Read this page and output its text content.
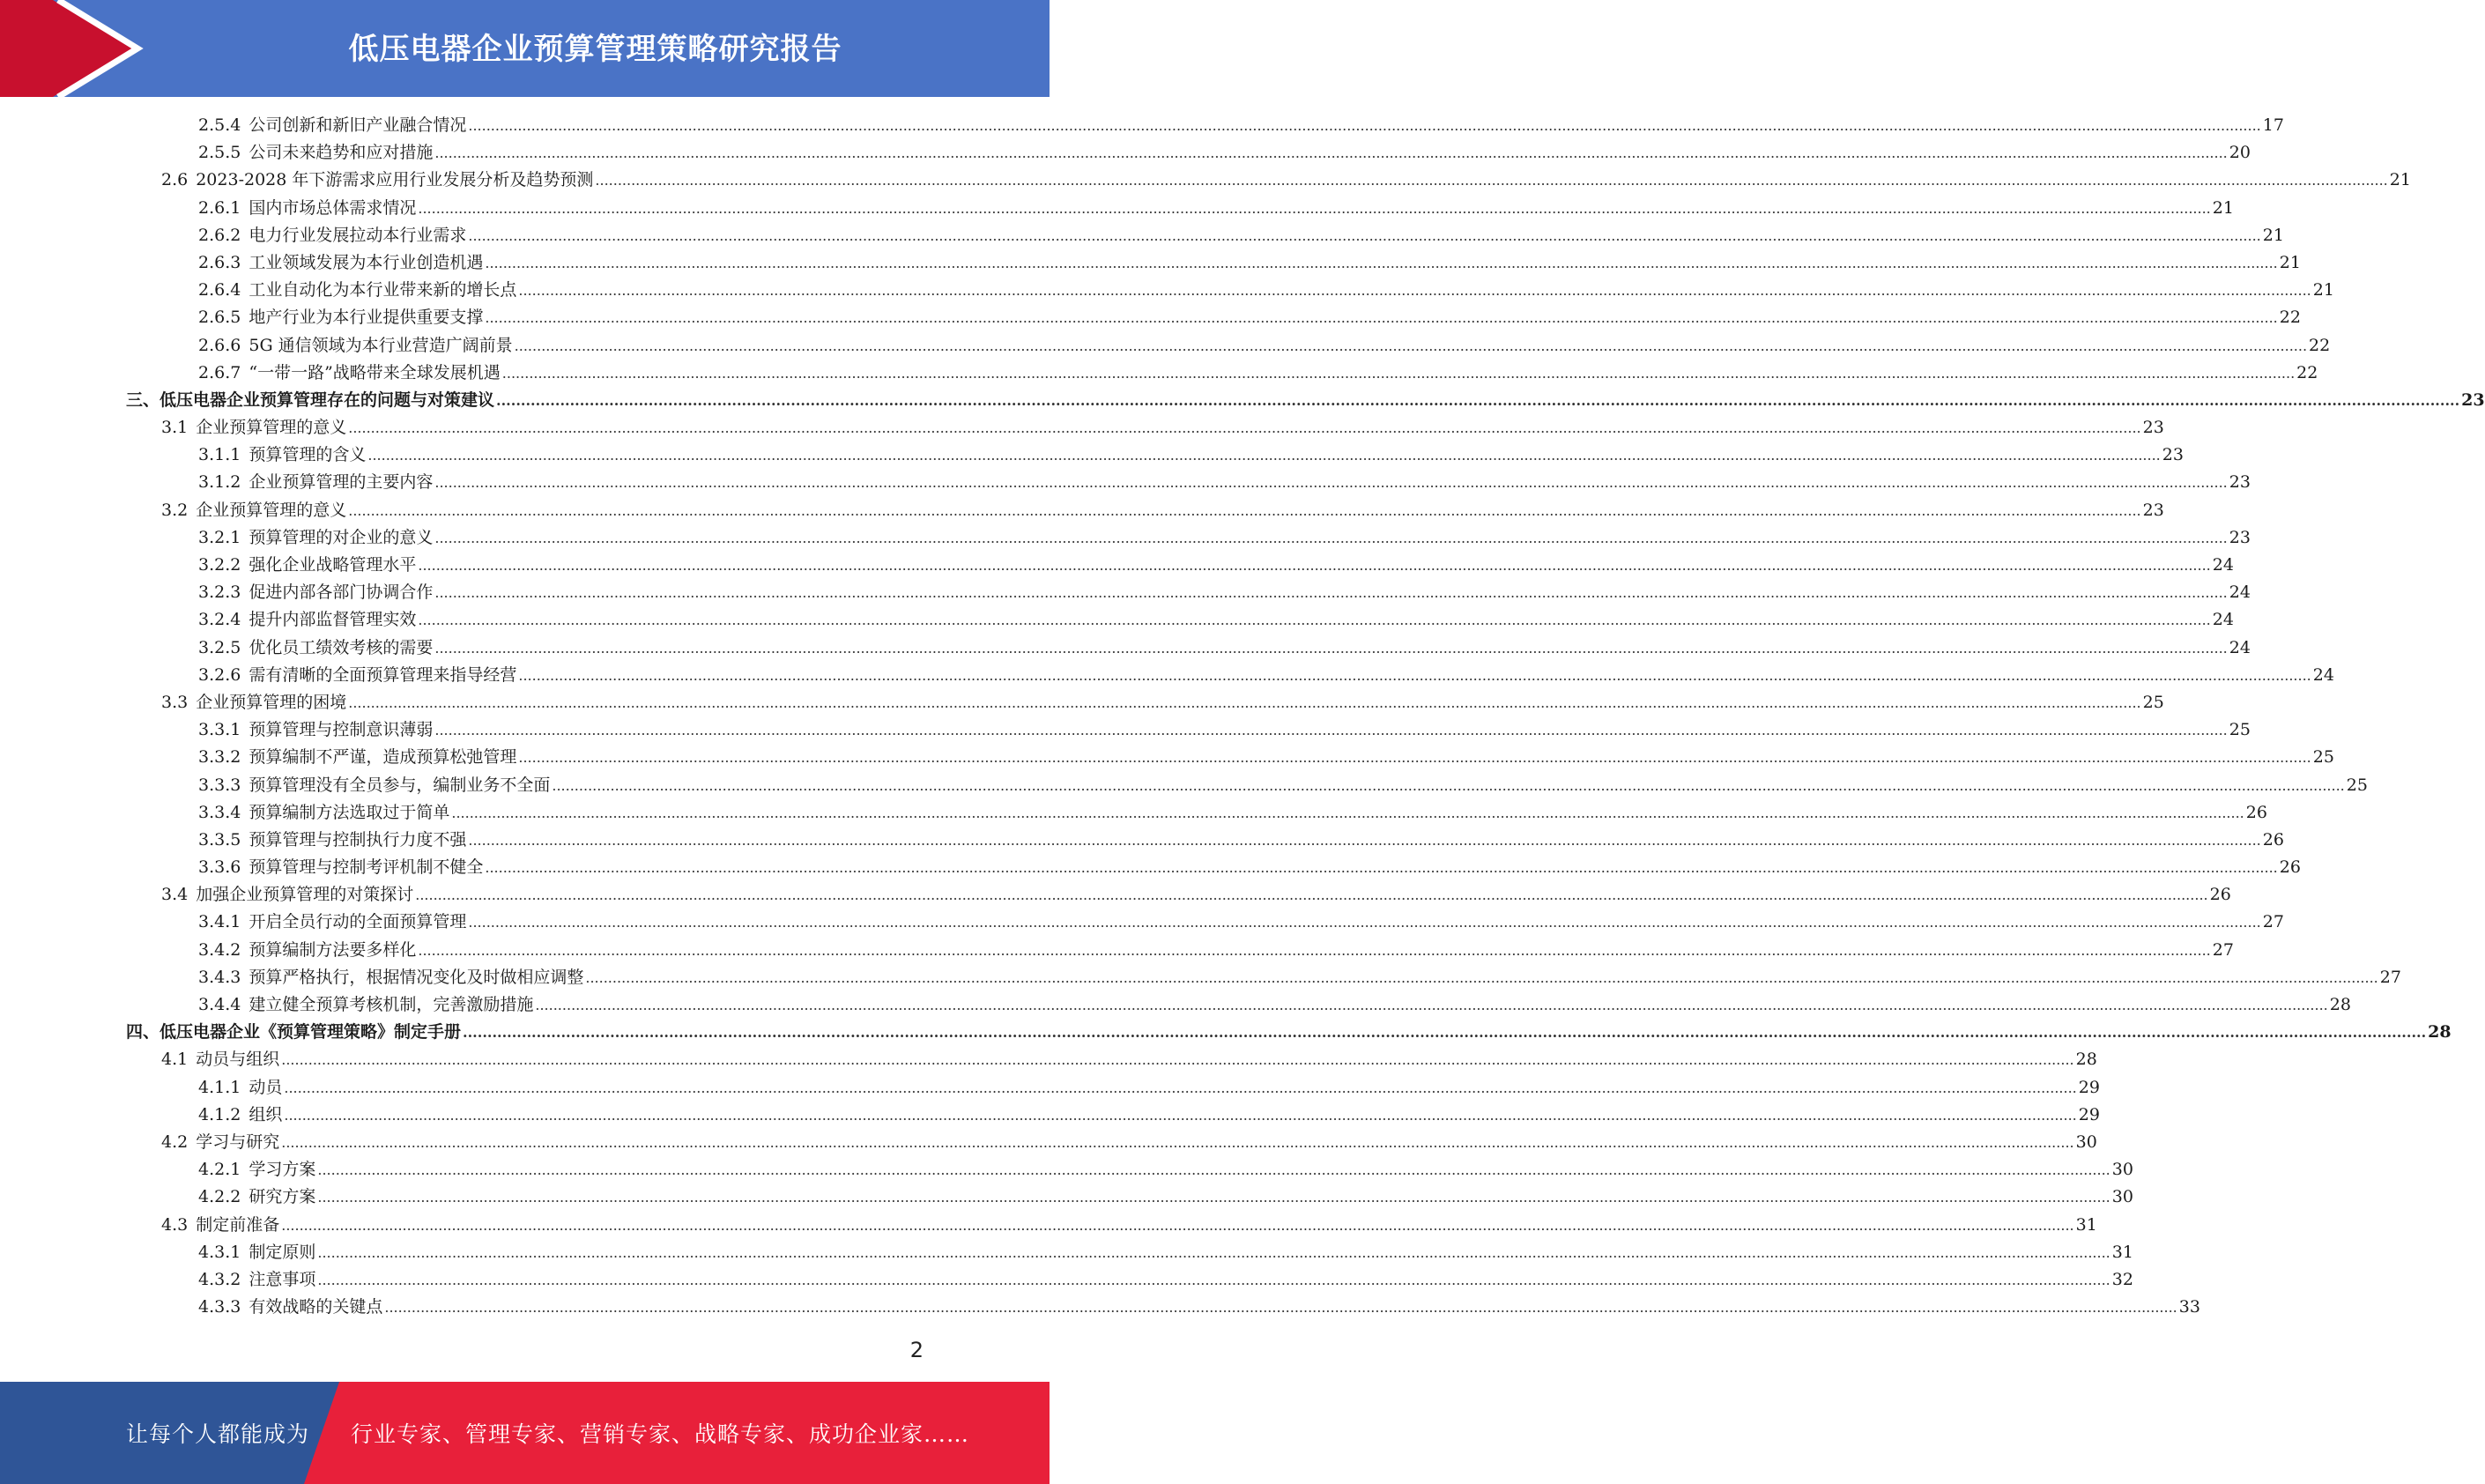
低压电器企业预算管理策略研究报告
2.5.4 公司创新和新旧产业融合情况 ................................................................................................................................................................................................................................................................................................................................................................................................................ 17
2.5.5 公司未来趋势和应对措施 ................................................................................................................................................................................................................................................................................................................................................................................................................ 20
2.6 2023-2028 年下游需求应用行业发展分析及趋势预测 ................................................................................................................................................................................................................................................................................................................................................................................................................ 21
2.6.1 国内市场总体需求情况 ................................................................................................................................................................................................................................................................................................................................................................................................................ 21
2.6.2 电力行业发展拉动本行业需求 ................................................................................................................................................................................................................................................................................................................................................................................................................ 21
2.6.3 工业领域发展为本行业创造机遇 ................................................................................................................................................................................................................................................................................................................................................................................................................ 21
2.6.4 工业自动化为本行业带来新的增长点 ................................................................................................................................................................................................................................................................................................................................................................................................................ 21
2.6.5 地产行业为本行业提供重要支撑 ................................................................................................................................................................................................................................................................................................................................................................................................................ 22
2.6.6 5G 通信领域为本行业营造广阔前景 ................................................................................................................................................................................................................................................................................................................................................................................................................ 22
2.6.7 “一带一路”战略带来全球发展机遇 ................................................................................................................................................................................................................................................................................................................................................................................................................ 22
三、 低压电器企业预算管理存在的问题与对策建议 ................................................................................................................................................................................................................................................................................................................................................................................................................ 23
3.1 企业预算管理的意义 ................................................................................................................................................................................................................................................................................................................................................................................................................ 23
3.1.1 预算管理的含义 ................................................................................................................................................................................................................................................................................................................................................................................................................ 23
3.1.2 企业预算管理的主要内容 ................................................................................................................................................................................................................................................................................................................................................................................................................ 23
3.2 企业预算管理的意义 ................................................................................................................................................................................................................................................................................................................................................................................................................ 23
3.2.1 预算管理的对企业的意义 ................................................................................................................................................................................................................................................................................................................................................................................................................ 23
3.2.2 强化企业战略管理水平 ................................................................................................................................................................................................................................................................................................................................................................................................................ 24
3.2.3 促进内部各部门协调合作 ................................................................................................................................................................................................................................................................................................................................................................................................................ 24
3.2.4 提升内部监督管理实效 ................................................................................................................................................................................................................................................................................................................................................................................................................ 24
3.2.5 优化员工绩效考核的需要 ................................................................................................................................................................................................................................................................................................................................................................................................................ 24
3.2.6 需有清晰的全面预算管理来指导经营 ................................................................................................................................................................................................................................................................................................................................................................................................................ 24
3.3 企业预算管理的困境 ................................................................................................................................................................................................................................................................................................................................................................................................................ 25
3.3.1 预算管理与控制意识薄弱 ................................................................................................................................................................................................................................................................................................................................................................................................................ 25
3.3.2 预算编制不严谨，造成预算松弛管理 ................................................................................................................................................................................................................................................................................................................................................................................................................ 25
3.3.3 预算管理没有全员参与，编制业务不全面 ................................................................................................................................................................................................................................................................................................................................................................................................................ 25
3.3.4 预算编制方法选取过于简单 ................................................................................................................................................................................................................................................................................................................................................................................................................ 26
3.3.5 预算管理与控制执行力度不强 ................................................................................................................................................................................................................................................................................................................................................................................................................ 26
3.3.6 预算管理与控制考评机制不健全 ................................................................................................................................................................................................................................................................................................................................................................................................................ 26
3.4 加强企业预算管理的对策探讨 ................................................................................................................................................................................................................................................................................................................................................................................................................ 26
3.4.1 开启全员行动的全面预算管理 ................................................................................................................................................................................................................................................................................................................................................................................................................ 27
3.4.2 预算编制方法要多样化 ................................................................................................................................................................................................................................................................................................................................................................................................................ 27
3.4.3 预算严格执行，根据情况变化及时做相应调整 ................................................................................................................................................................................................................................................................................................................................................................................................................ 27
3.4.4 建立健全预算考核机制，完善激励措施 ................................................................................................................................................................................................................................................................................................................................................................................................................ 28
四、 低压电器企业《预算管理策略》制定手册 ................................................................................................................................................................................................................................................................................................................................................................................................................ 28
4.1 动员与组织 ................................................................................................................................................................................................................................................................................................................................................................................................................ 28
4.1.1 动员 ................................................................................................................................................................................................................................................................................................................................................................................................................ 29
4.1.2 组织 ................................................................................................................................................................................................................................................................................................................................................................................................................ 29
4.2 学习与研究 ................................................................................................................................................................................................................................................................................................................................................................................................................ 30
4.2.1 学习方案 ................................................................................................................................................................................................................................................................................................................................................................................................................ 30
4.2.2 研究方案 ................................................................................................................................................................................................................................................................................................................................................................................................................ 30
4.3 制定前准备 ................................................................................................................................................................................................................................................................................................................................................................................................................ 31
4.3.1 制定原则 ................................................................................................................................................................................................................................................................................................................................................................................................................ 31
4.3.2 注意事项 ................................................................................................................................................................................................................................................................................................................................................................................................................ 32
4.3.3 有效战略的关键点 ................................................................................................................................................................................................................................................................................................................................................................................................................ 33
2
让每个人都能成为 行业专家、管理专家、营销专家、战略专家、成功企业家……
